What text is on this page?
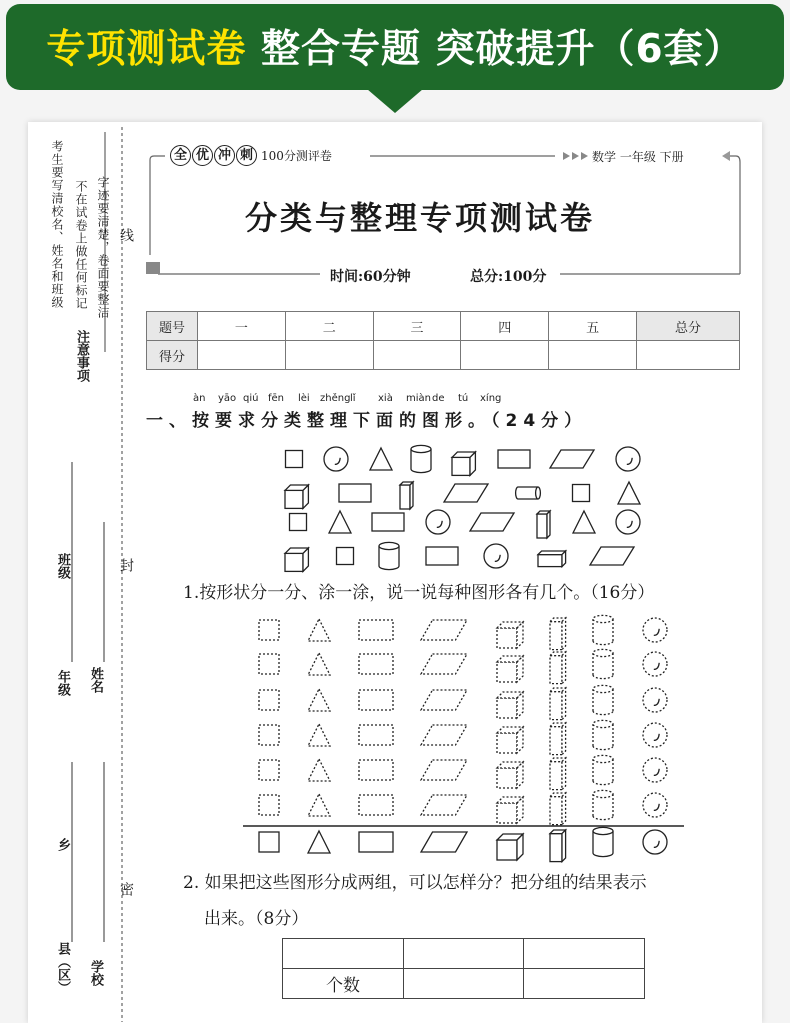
专项测试卷 整合专题 突破提升（6套）
考生要写清校名、姓名和班级 不在试卷上做任何标记 字迹要清楚，卷面要整洁
注意事项
线
封
密
班级
年级 姓名
乡
县（区） 学校
全 优 冲 刺 100分测评卷	数学 一年级 下册
分类与整理专项测试卷
时间:60分钟	总分:100分
题号	一	二	三	四	五	总分
得分						
àn yāo qiú fēn lèi zhěng lǐ xià miàn de tú xíng
一、按要求分类整理下面的图形。（24分）
1.按形状分一分、涂一涂，说一说每种图形各有几个。（16分）
2. 如果把这些图形分成两组，可以怎样分？把分组的结果表示
出来。（8分）

个数		
